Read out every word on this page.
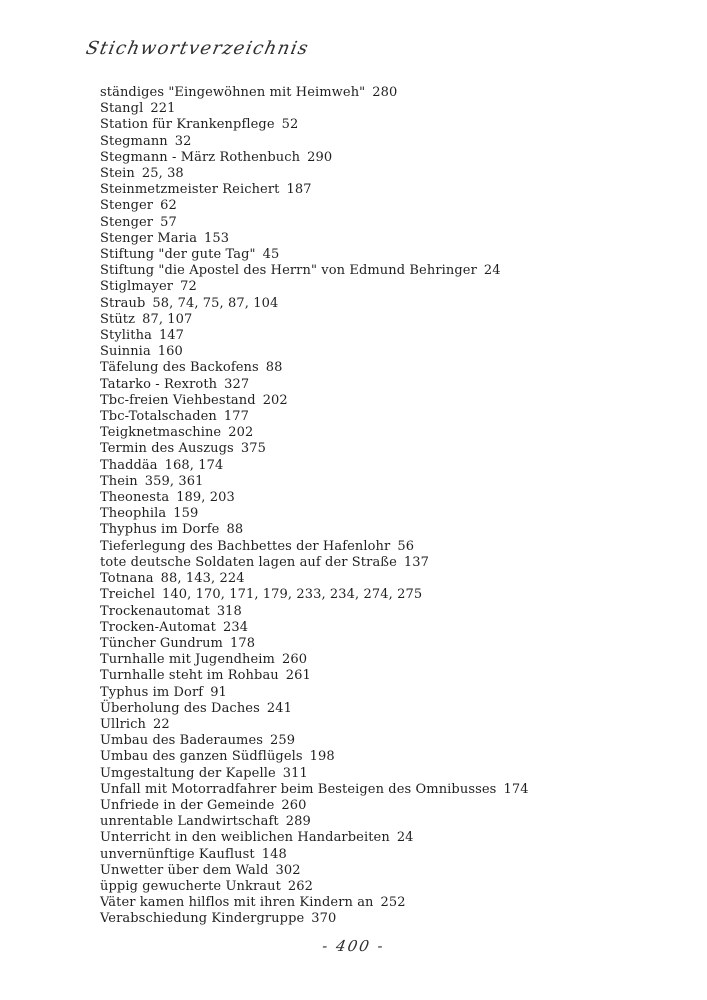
Stichwortverzeichnis
ständiges "Eingewöhnen mit Heimweh" 280
Stangl 221
Station für Krankenpflege 52
Stegmann 32
Stegmann - März Rothenbuch 290
Stein 25, 38
Steinmetzmeister Reichert 187
Stenger 62
Stenger 57
Stenger Maria 153
Stiftung "der gute Tag" 45
Stiftung "die Apostel des Herrn" von Edmund Behringer 24
Stiglmayer 72
Straub 58, 74, 75, 87, 104
Stütz 87, 107
Stylitha 147
Suinnia 160
Täfelung des Backofens 88
Tatarko - Rexroth 327
Tbc-freien Viehbestand 202
Tbc-Totalschaden 177
Teigknetmaschine 202
Termin des Auszugs 375
Thaddäa 168, 174
Thein 359, 361
Theonesta 189, 203
Theophila 159
Thyphus im Dorfe 88
Tieferlegung des Bachbettes der Hafenlohr 56
tote deutsche Soldaten lagen auf der Straße 137
Totnana 88, 143, 224
Treichel 140, 170, 171, 179, 233, 234, 274, 275
Trockenautomat 318
Trocken-Automat 234
Tüncher Gundrum 178
Turnhalle mit Jugendheim 260
Turnhalle steht im Rohbau 261
Typhus im Dorf 91
Überholung des Daches 241
Ullrich 22
Umbau des Baderaumes 259
Umbau des ganzen Südflügels 198
Umgestaltung der Kapelle 311
Unfall mit Motorradfahrer beim Besteigen des Omnibusses 174
Unfriede in der Gemeinde 260
unrentable Landwirtschaft 289
Unterricht in den weiblichen Handarbeiten 24
unvernünftige Kauflust 148
Unwetter über dem Wald 302
üppig gewucherte Unkraut 262
Väter kamen hilflos mit ihren Kindern an 252
Verabschiedung Kindergruppe 370
- 400 -
